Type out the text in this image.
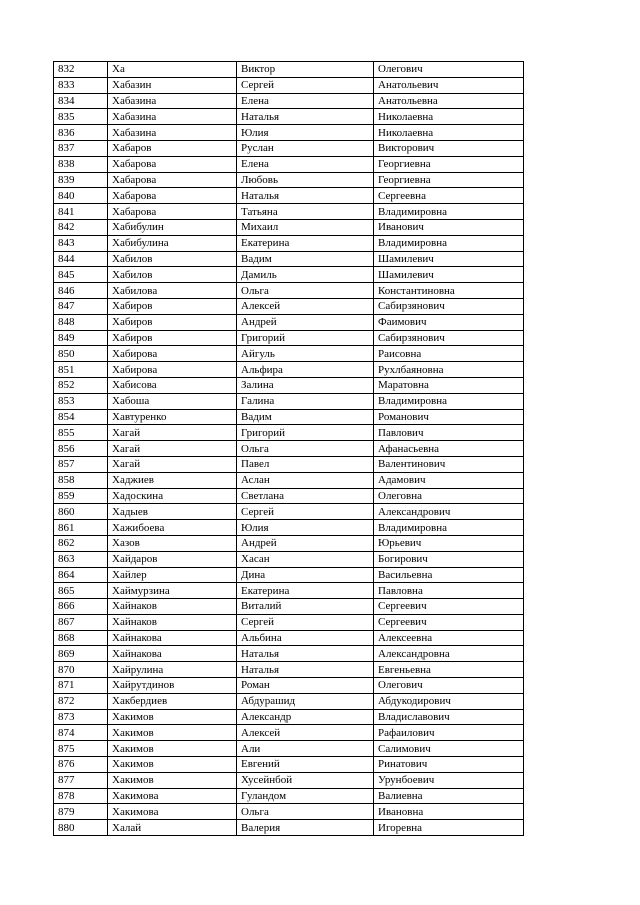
832	Ха	Виктор	Олегович
833	Хабазин	Сергей	Анатольевич
834	Хабазина	Елена	Анатольевна
835	Хабазина	Наталья	Николаевна
836	Хабазина	Юлия	Николаевна
837	Хабаров	Руслан	Викторович
838	Хабарова	Елена	Георгиевна
839	Хабарова	Любовь	Георгиевна
840	Хабарова	Наталья	Сергеевна
841	Хабарова	Татьяна	Владимировна
842	Хабибулин	Михаил	Иванович
843	Хабибулина	Екатерина	Владимировна
844	Хабилов	Вадим	Шамилевич
845	Хабилов	Дамиль	Шамилевич
846	Хабилова	Ольга	Константиновна
847	Хабиров	Алексей	Сабирзянович
848	Хабиров	Андрей	Фаимович
849	Хабиров	Григорий	Сабирзянович
850	Хабирова	Айгуль	Раисовна
851	Хабирова	Альфира	Рухлбаяновна
852	Хабисова	Залина	Маратовна
853	Хабоша	Галина	Владимировна
854	Хавтуренко	Вадим	Романович
855	Хагай	Григорий	Павлович
856	Хагай	Ольга	Афанасьевна
857	Хагай	Павел	Валентинович
858	Хаджиев	Аслан	Адамович
859	Хадоскина	Светлана	Олеговна
860	Хадыев	Сергей	Александрович
861	Хажибоева	Юлия	Владимировна
862	Хазов	Андрей	Юрьевич
863	Хайдаров	Хасан	Богирович
864	Хайлер	Дина	Васильевна
865	Хаймурзина	Екатерина	Павловна
866	Хайнаков	Виталий	Сергеевич
867	Хайнаков	Сергей	Сергеевич
868	Хайнакова	Альбина	Алексеевна
869	Хайнакова	Наталья	Александровна
870	Хайрулина	Наталья	Евгеньевна
871	Хайрутдинов	Роман	Олегович
872	Хакбердиев	Абдурашид	Абдукодирович
873	Хакимов	Александр	Владиславович
874	Хакимов	Алексей	Рафаилович
875	Хакимов	Али	Салимович
876	Хакимов	Евгений	Ринатович
877	Хакимов	Хусейнбой	Урунбоевич
878	Хакимова	Гуландом	Валиевна
879	Хакимова	Ольга	Ивановна
880	Халай	Валерия	Игоревна
